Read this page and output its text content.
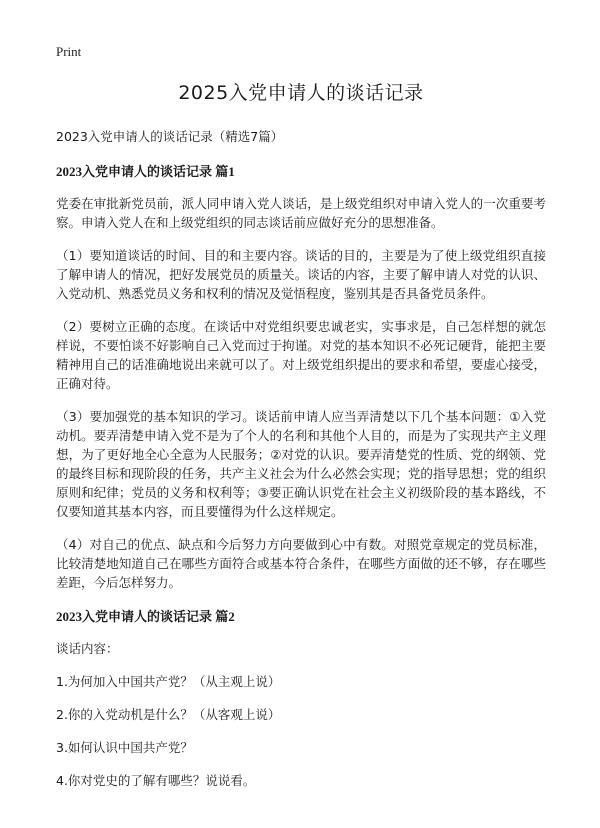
Print
2025入党申请人的谈话记录
2023入党申请人的谈话记录（精选7篇）
2023入党申请人的谈话记录 篇1

党委在审批新党员前，派人同申请入党人谈话，是上级党组织对申请入党人的一次重要考察。申请入党人在和上级党组织的同志谈话前应做好充分的思想准备。

（1）要知道谈话的时间、目的和主要内容。谈话的目的，主要是为了使上级党组织直接了解申请人的情况，把好发展党员的质量关。谈话的内容，主要了解申请人对党的认识、入党动机、熟悉党员义务和权利的情况及觉悟程度，鉴别其是否具备党员条件。

（2）要树立正确的态度。在谈话中对党组织要忠诚老实，实事求是，自己怎样想的就怎样说，不要怕谈不好影响自己入党而过于拘谨。对党的基本知识不必死记硬背，能把主要精神用自己的话准确地说出来就可以了。对上级党组织提出的要求和希望，要虚心接受，正确对待。

（3）要加强党的基本知识的学习。谈话前申请人应当弄清楚以下几个基本问题：①入党动机。要弄清楚申请入党不是为了个人的名利和其他个人目的，而是为了实现共产主义理想，为了更好地全心全意为人民服务；②对党的认识。要弄清楚党的性质、党的纲领、党的最终目标和现阶段的任务，共产主义社会为什么必然会实现；党的指导思想；党的组织原则和纪律；党员的义务和权利等；③要正确认识党在社会主义初级阶段的基本路线，不仅要知道其基本内容，而且要懂得为什么这样规定。

（4）对自己的优点、缺点和今后努力方向要做到心中有数。对照党章规定的党员标准，比较清楚地知道自己在哪些方面符合或基本符合条件，在哪些方面做的还不够，存在哪些差距，今后怎样努力。

2023入党申请人的谈话记录 篇2

谈话内容：

1.为何加入中国共产党？（从主观上说）

2.你的入党动机是什么？（从客观上说）

3.如何认识中国共产党？

4.你对党史的了解有哪些？说说看。
